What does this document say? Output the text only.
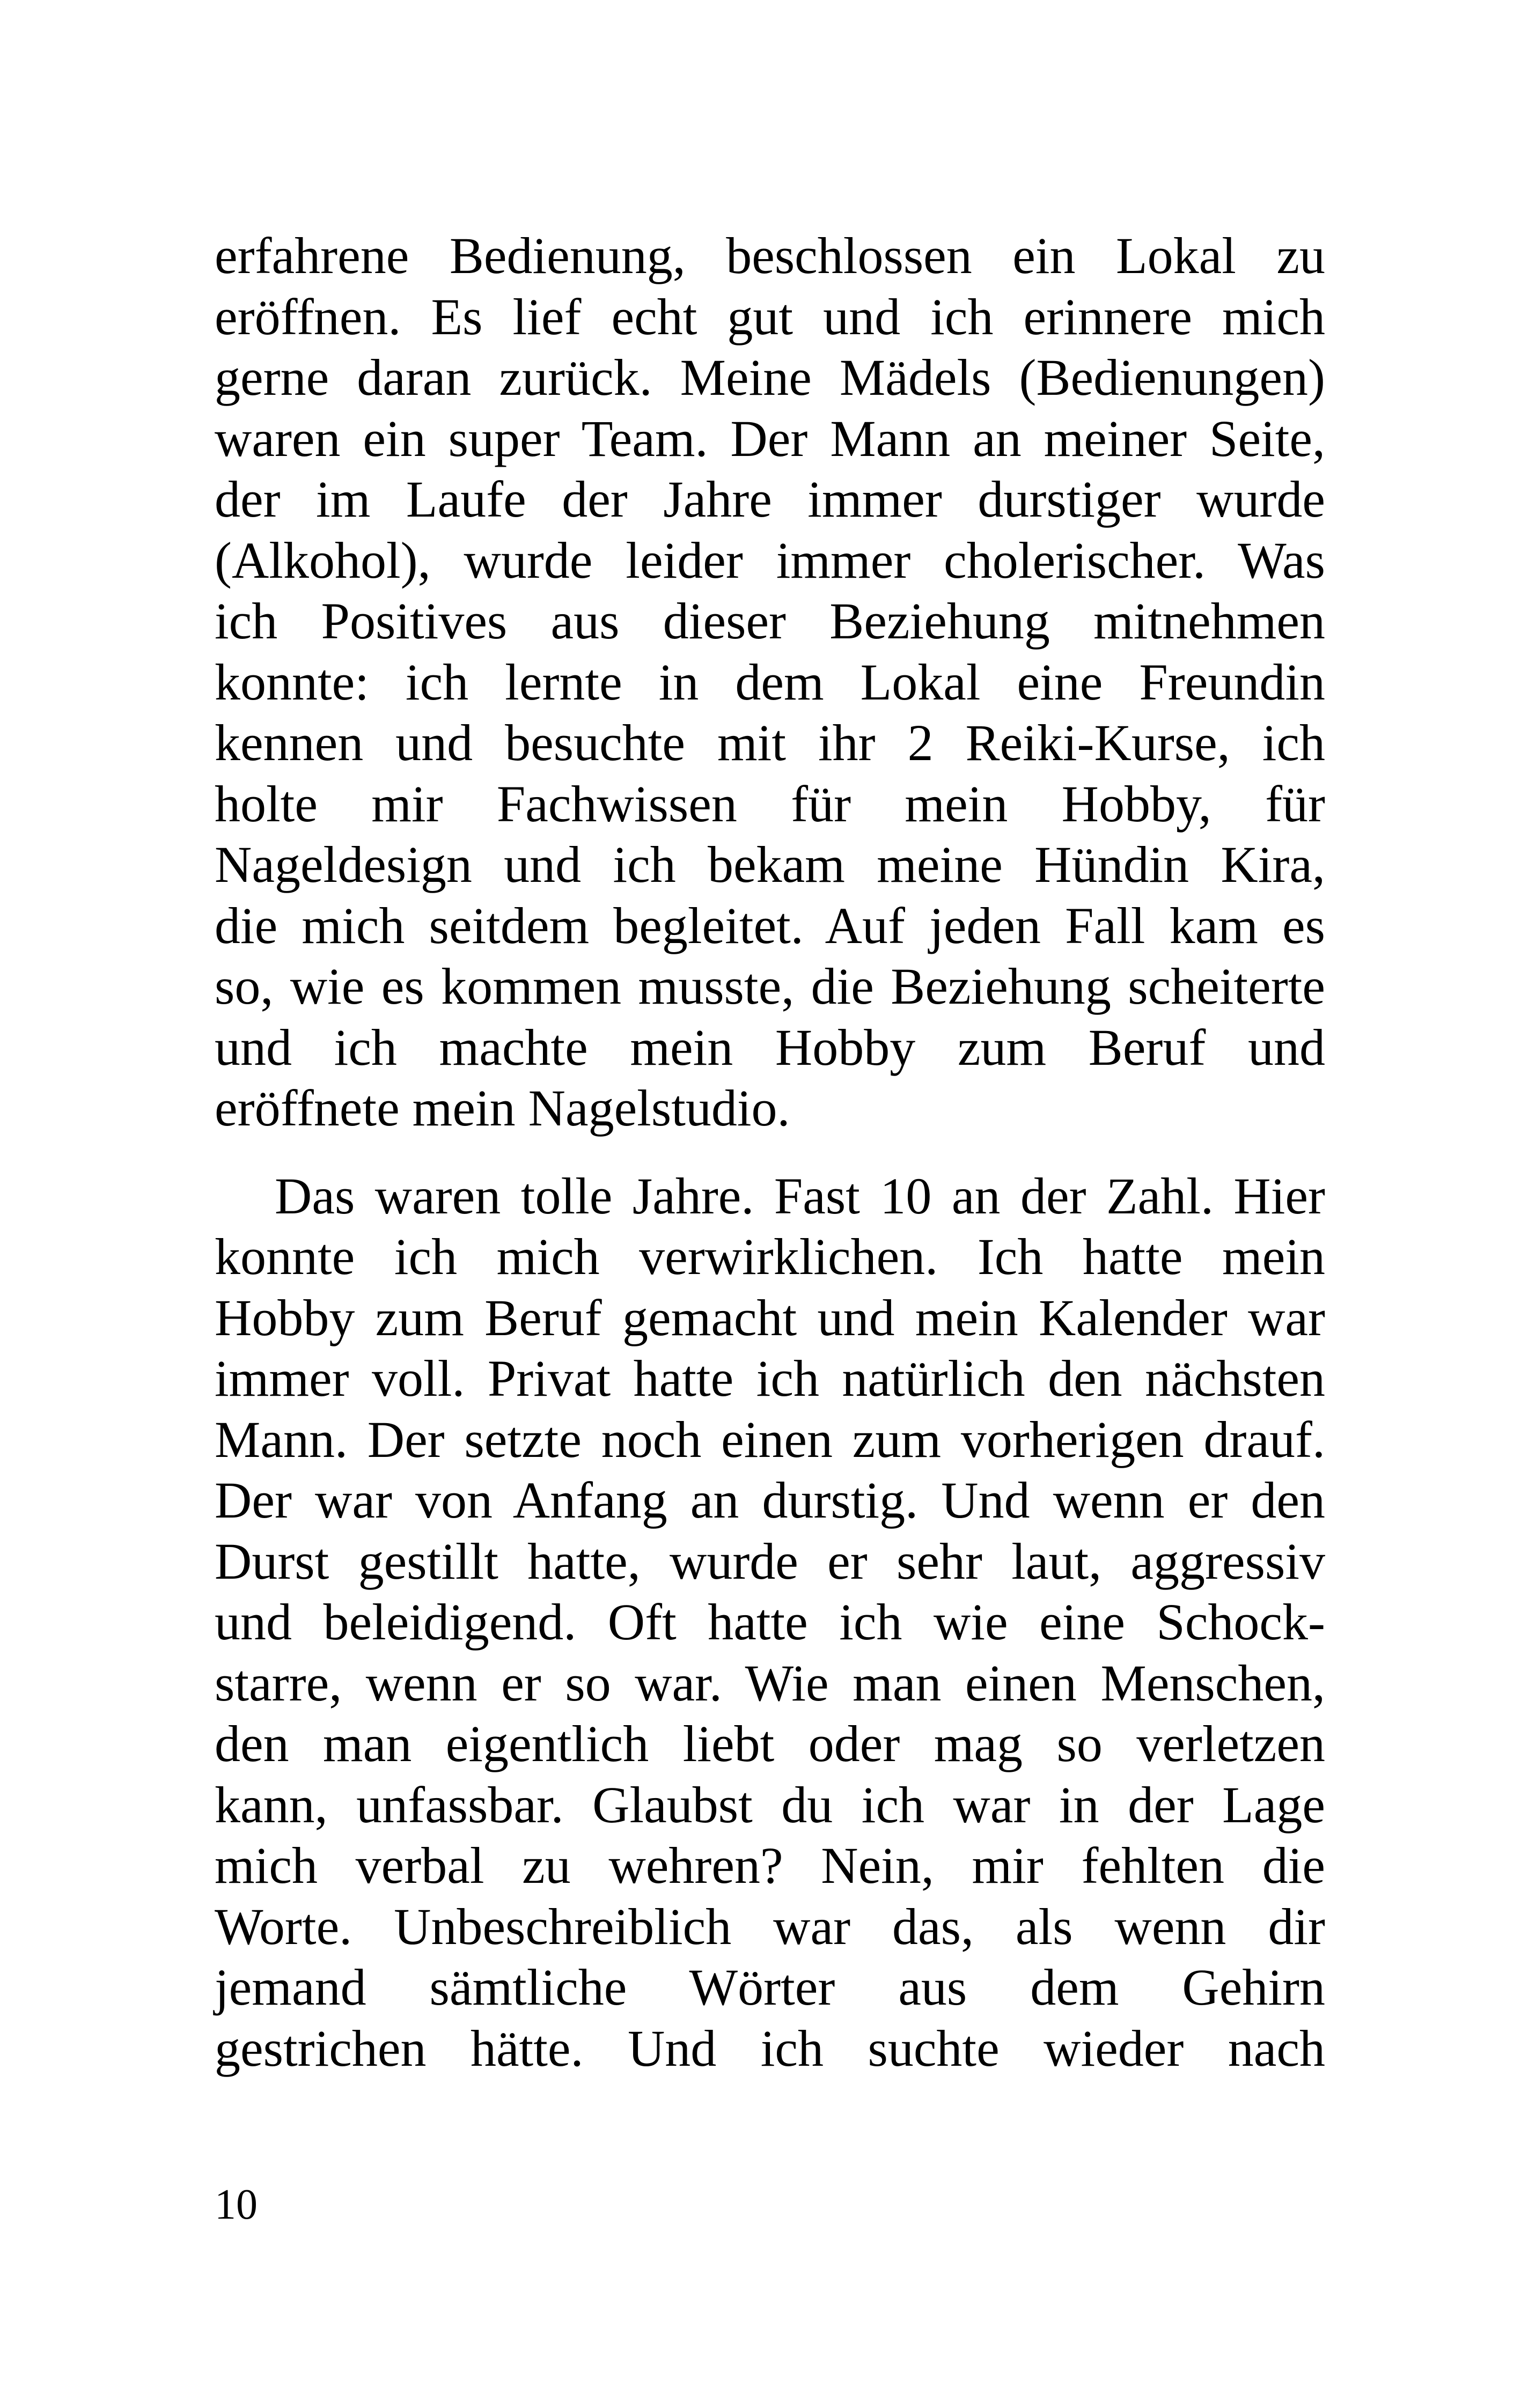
erfahrene Bedienung, beschlossen ein Lokal zu
eröffnen. Es lief echt gut und ich erinnere mich
gerne daran zurück. Meine Mädels (Bedienungen)
waren ein super Team. Der Mann an meiner Seite,
der im Laufe der Jahre immer durstiger wurde
(Alkohol), wurde leider immer cholerischer. Was
ich Positives aus dieser Beziehung mitnehmen
konnte: ich lernte in dem Lokal eine Freundin
kennen und besuchte mit ihr 2 Reiki-Kurse, ich
holte mir Fachwissen für mein Hobby, für
Nageldesign und ich bekam meine Hündin Kira,
die mich seitdem begleitet. Auf jeden Fall kam es
so, wie es kommen musste, die Beziehung scheiterte
und ich machte mein Hobby zum Beruf und
eröffnete mein Nagelstudio.
Das waren tolle Jahre. Fast 10 an der Zahl. Hier
konnte ich mich verwirklichen. Ich hatte mein
Hobby zum Beruf gemacht und mein Kalender war
immer voll. Privat hatte ich natürlich den nächsten
Mann. Der setzte noch einen zum vorherigen drauf.
Der war von Anfang an durstig. Und wenn er den
Durst gestillt hatte, wurde er sehr laut, aggressiv
und beleidigend. Oft hatte ich wie eine Schock-
starre, wenn er so war. Wie man einen Menschen,
den man eigentlich liebt oder mag so verletzen
kann, unfassbar. Glaubst du ich war in der Lage
mich verbal zu wehren? Nein, mir fehlten die
Worte. Unbeschreiblich war das, als wenn dir
jemand sämtliche Wörter aus dem Gehirn
gestrichen hätte. Und ich suchte wieder nach
10
